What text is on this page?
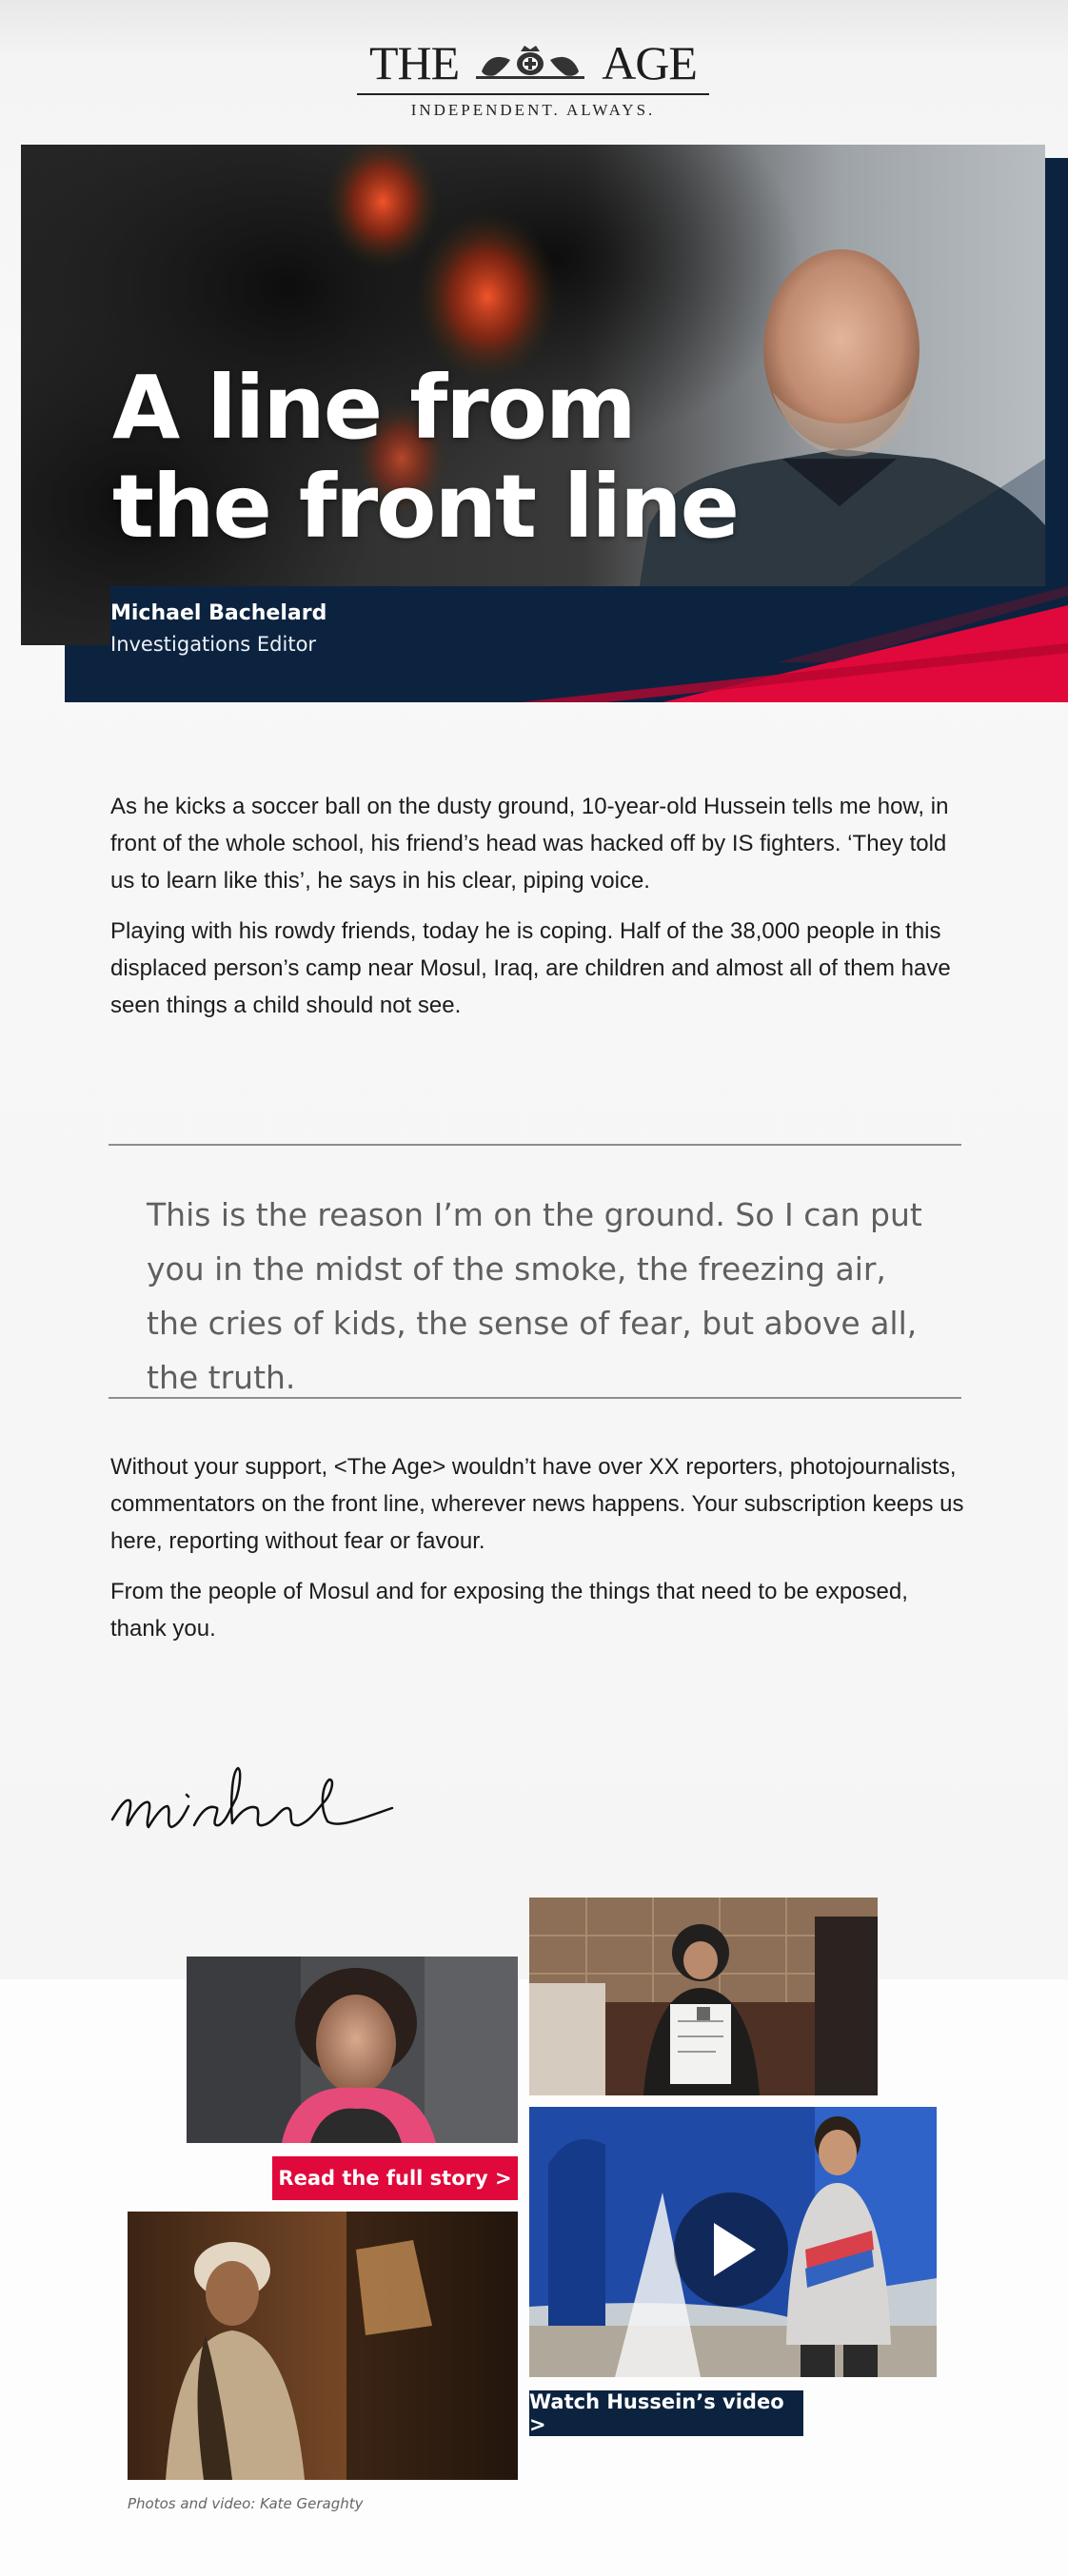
THE	AGE
INDEPENDENT. ALWAYS.
A line from
the front line
Michael Bachelard
Investigations Editor

As he kicks a soccer ball on the dusty ground, 10-year-old Hussein tells me how, in front of the whole school, his friend’s head was hacked off by IS fighters. ‘They told us to learn like this’, he says in his clear, piping voice.

Playing with his rowdy friends, today he is coping. Half of the 38,000 people in this displaced person’s camp near Mosul, Iraq, are children and almost all of them have seen things a child should not see.

This is the reason I’m on the ground. So I can put you in the midst of the smoke, the freezing air, the cries of kids, the sense of fear, but above all, the truth.

Without your support, <The Age> wouldn’t have over XX reporters, photojournalists, commentators on the front line, wherever news happens. Your subscription keeps us here, reporting without fear or favour.

From the people of Mosul and for exposing the things that need to be exposed, thank you.

Read the full story >
Watch Hussein’s video >
Photos and video: Kate Geraghty
